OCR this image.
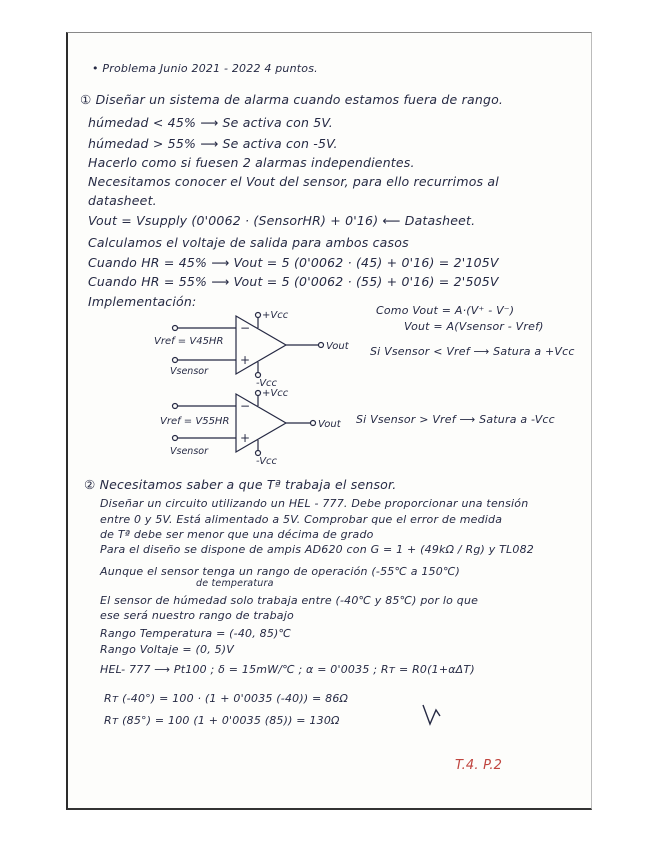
• Problema Junio 2021 - 2022 4 puntos.
① Diseñar un sistema de alarma cuando estamos fuera de rango.
húmedad < 45% ⟶ Se activa con 5V.
húmedad > 55% ⟶ Se activa con -5V.
Hacerlo como si fuesen 2 alarmas independientes.
Necesitamos conocer el Vout del sensor, para ello recurrimos al
datasheet.
Vout = Vsupply (0'0062 · (SensorHR) + 0'16) ⟵ Datasheet.
Calculamos el voltaje de salida para ambos casos
Cuando HR = 45% ⟶ Vout = 5 (0'0062 · (45) + 0'16) = 2'105V
Cuando HR = 55% ⟶ Vout = 5 (0'0062 · (55) + 0'16) = 2'505V
Implementación:
Como Vout = A·(V⁺ - V⁻)
Vout = A(Vsensor - Vref)
Si Vsensor < Vref ⟶ Satura a +Vcc
Si Vsensor > Vref ⟶ Satura a -Vcc
−
+
+Vcc
-Vcc
Vout
Vref = V45HR
Vsensor
−
+
+Vcc
-Vcc
Vout
Vref = V55HR
Vsensor
② Necesitamos saber a que Tª trabaja el sensor.
Diseñar un circuito utilizando un HEL - 777. Debe proporcionar una tensión
entre 0 y 5V. Está alimentado a 5V. Comprobar que el error de medida
de Tª debe ser menor que una décima de grado
Para el diseño se dispone de ampis AD620 con G = 1 + (49kΩ / Rg) y TL082
Aunque el sensor tenga un rango de operación (-55℃ a 150℃)
de temperatura
El sensor de húmedad solo trabaja entre (-40℃ y 85℃) por lo que
ese será nuestro rango de trabajo
Rango Temperatura = (-40, 85)℃
Rango Voltaje = (0, 5)V
HEL- 777 ⟶ Pt100 ; δ = 15mW/℃ ; α = 0'0035 ; Rт = R0(1+αΔT)
Rт (-40°) = 100 · (1 + 0'0035 (-40)) = 86Ω
Rт (85°) = 100 (1 + 0'0035 (85)) = 130Ω
T.4. P.2
